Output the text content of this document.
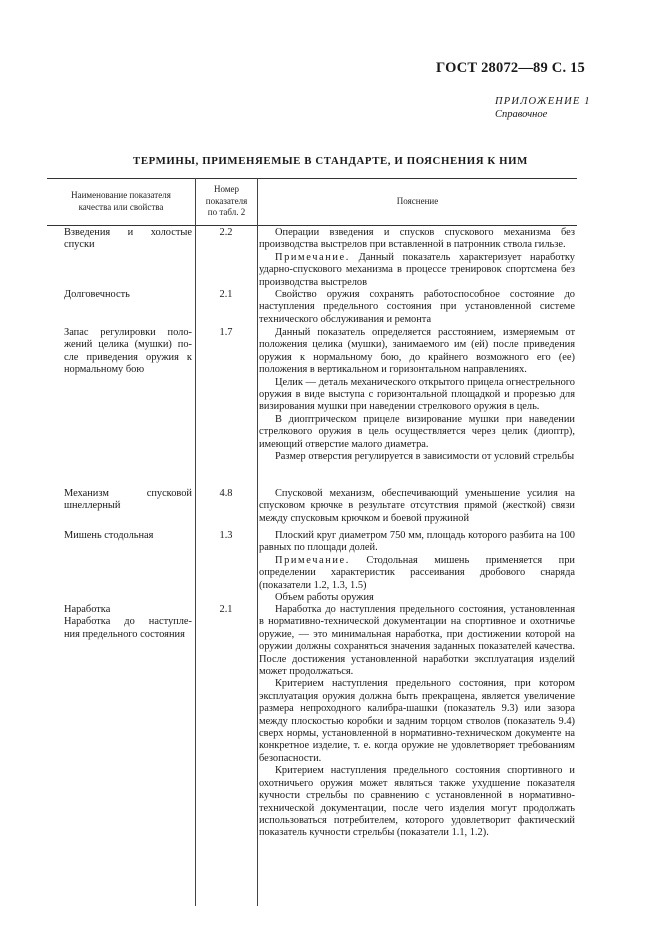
ГОСТ 28072—89 С. 15
ПРИЛОЖЕНИЕ 1
Справочное
ТЕРМИНЫ, ПРИМЕНЯЕМЫЕ В СТАНДАРТЕ, И ПОЯСНЕНИЯ К НИМ
Наименование показателя
качества или свойства
Номер
показателя
по табл. 2
Пояснение

Взведения и холостые

спуски

2.2	Операции взведения и спусков спускового механизма без производства выстрелов при вставленной в патронник ствола гильзе.

Примечание. Данный показатель характеризует наработку ударно-спускового механизма в процессе тренировок спортсмена без производства выстрелов

Долговечность	2.1	Свойство оружия сохранять работоспособное состояние до наступления предельного состояния при установленной системе технического обслуживания и ремонта

Запас регулировки поло-

жений целика (мушки) по-

сле приведения оружия к

нормальному бою

1.7	Данный показатель определяется расстоянием, измеряемым от положения целика (мушки), занимаемого им (ей) после приведения оружия к нормальному бою, до крайнего возможного его (ее) положения в вертикальном и горизонтальном направлениях.

Целик — деталь механического открытого прицела огнестрельного оружия в виде выступа с горизонтальной площадкой и прорезью для визирования мушки при наведении стрелкового оружия в цель.

В диоптрическом прицеле визирование мушки при наведении стрелкового оружия в цель осуществляется через целик (диоптр), имеющий отверстие малого диаметра.

Размер отверстия регулируется в зависимости от условий стрельбы

Механизм спусковой

шнеллерный

4.8	Спусковой механизм, обеспечивающий уменьшение усилия на спусковом крючке в результате отсутствия прямой (жесткой) связи между спусковым крючком и боевой пружиной

Мишень стодольная	1.3	Плоский круг диаметром 750 мм, площадь которого разбита на 100 равных по площади долей.

Примечание. Стодольная мишень применяется при определении характеристик рассеивания дробового снаряда (показатели 1.2, 1.3, 1.5)

Объем работы оружия

Наработка

Наработка до наступле-

ния предельного состояния

2.1	Наработка до наступления предельного состояния, установленная в нормативно-технической документации на спортивное и охотничье оружие, — это минимальная наработка, при достижении которой на оружии должны сохраняться значения заданных показателей качества. После достижения установленной наработки эксплуатация изделий может продолжаться.

Критерием наступления предельного состояния, при котором эксплуатация оружия должна быть прекращена, является увеличение размера непроходного калибра-шашки (показатель 9.3) или зазора между плоскостью коробки и задним торцом стволов (показатель 9.4) сверх нормы, установленной в нормативно-техническом документе на конкретное изделие, т. е. когда оружие не удовлетворяет требованиям безопасности.

Критерием наступления предельного состояния спортивного и охотничьего оружия может являться также ухудшение показателя кучности стрельбы по сравнению с установленной в нормативно-технической документации, после чего изделия могут продолжать использоваться потребителем, которого удовлетворит фактический показатель кучности стрельбы (показатели 1.1, 1.2).
